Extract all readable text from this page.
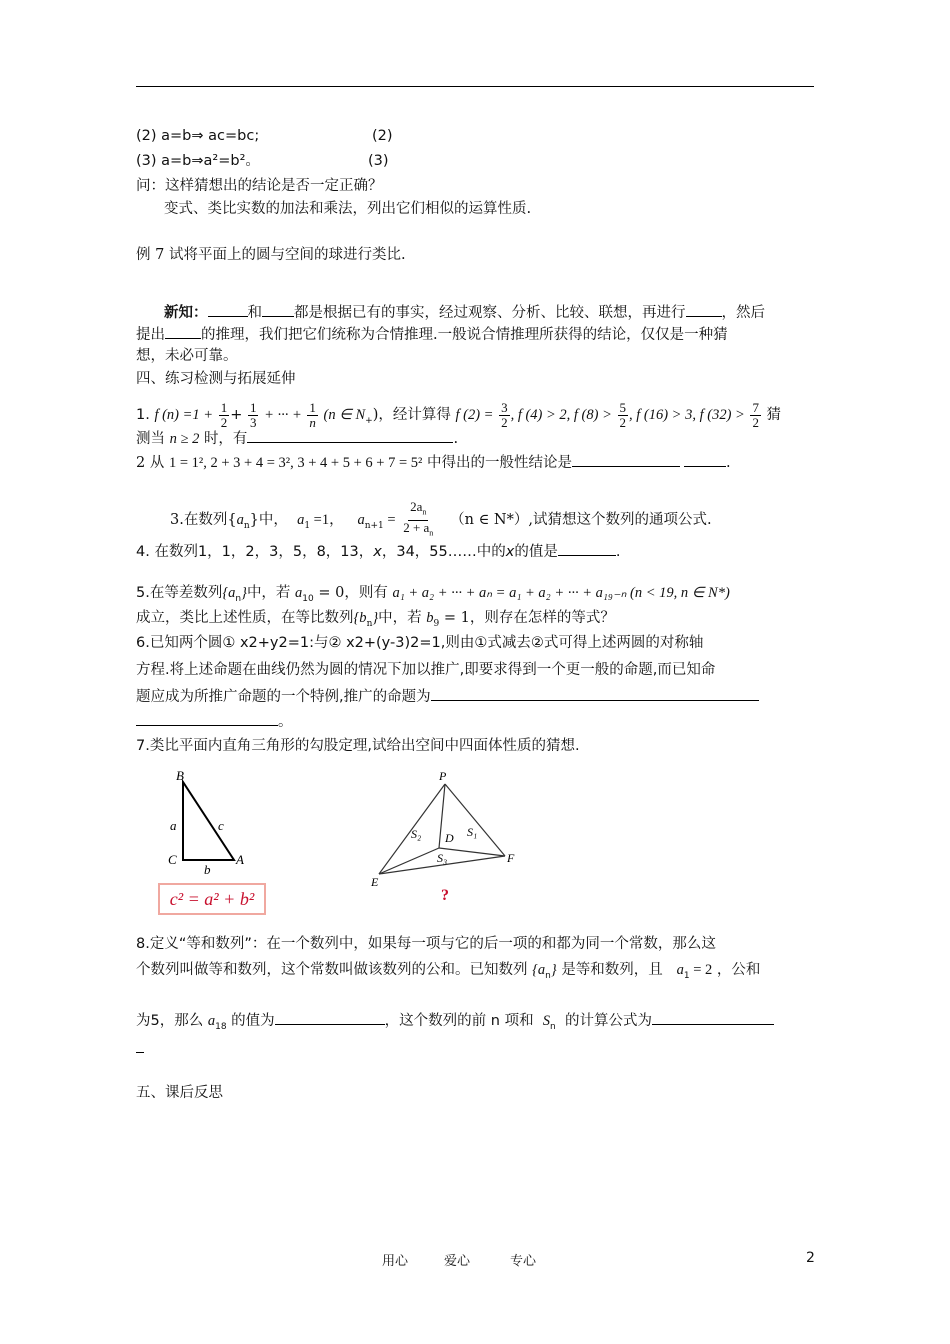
(2) a=b⇒ ac=bc;	(2)
(3) a=b⇒a²=b²。	(3)
问：这样猜想出的结论是否一定正确？
变式、类比实数的加法和乘法，列出它们相似的运算性质.
例 7 试将平面上的圆与空间的球进行类比.
新知：	和 都是根据已有的事实，经过观察、分析、比较、联想，再进行 ，然后
提出 的推理，我们把它们统称为合情推理.一般说合情推理所获得的结论，仅仅是一种猜
想，未必可靠。
四、练习检测与拓展延伸
1. f $(n) =1 + \frac{1}{2} + \frac{1}{3}$ + ··· + $\frac{1}{n} (n$ ∈ $N_+$)，经计算得 f $(2) = \frac{3}{2}$ , f (4) > 2, f $(8) > \frac{5}{2}$ , f (16) > 3, f $(32) > \frac{7}{2}$ 猜
测当 n ≥ 2 时，有	.
2 从 1 = 1², 2 + 3 + 4 = 3², 3 + 4 + 5 + 6 + 7 = 5² 中得出的一般性结论是	.
3.在数列$\{a_n\}$中， $a_1 =1$， $a_{n+1} = \frac{2a_n}{2 + a_n} (n$ ∈ N*）,试猜想这个数列的通项公式.
4. 在数列1，1，2，3，5，8，13，x，34，55……中的x的值是	.
5.在等差数列$\{a_n\}$中，若 $a_{10} = 0$，则有 a₁ + a₂ + ··· + aₙ = a₁ + a₂ + ··· + a₁₉₋ₙ (n < 19, n ∈ N*)
成立，类比上述性质，在等比数列$\{b_n\}$中，若 $b_9 = 1$，则存在怎样的等式？
6.已知两个圆① x2+y2=1:与② x2+(y-3)2=1,则由①式减去②式可得上述两圆的对称轴
方程.将上述命题在曲线仍然为圆的情况下加以推广,即要求得到一个更一般的命题,而已知命
题应成为所推广命题的一个特例,推广的命题为
。
7.类比平面内直角三角形的勾股定理,试给出空间中四面体性质的猜想.
B
C	A
a
b
c
c² = a² + b²
P
E
F
D S₁
S₂
S₃
?
8.定义“等和数列”：在一个数列中，如果每一项与它的后一项的和都为同一个常数，那么这
个数列叫做等和数列，这个常数叫做该数列的公和。已知数列 $\{a_n\}$ 是等和数列，且 $a_1 = 2$ ，公和
为5，那么 $a_{18}$ 的值为	，这个数列的前 n 项和 $S_n$ 的计算公式为
五、课后反思
用心	爱心	专心	2
